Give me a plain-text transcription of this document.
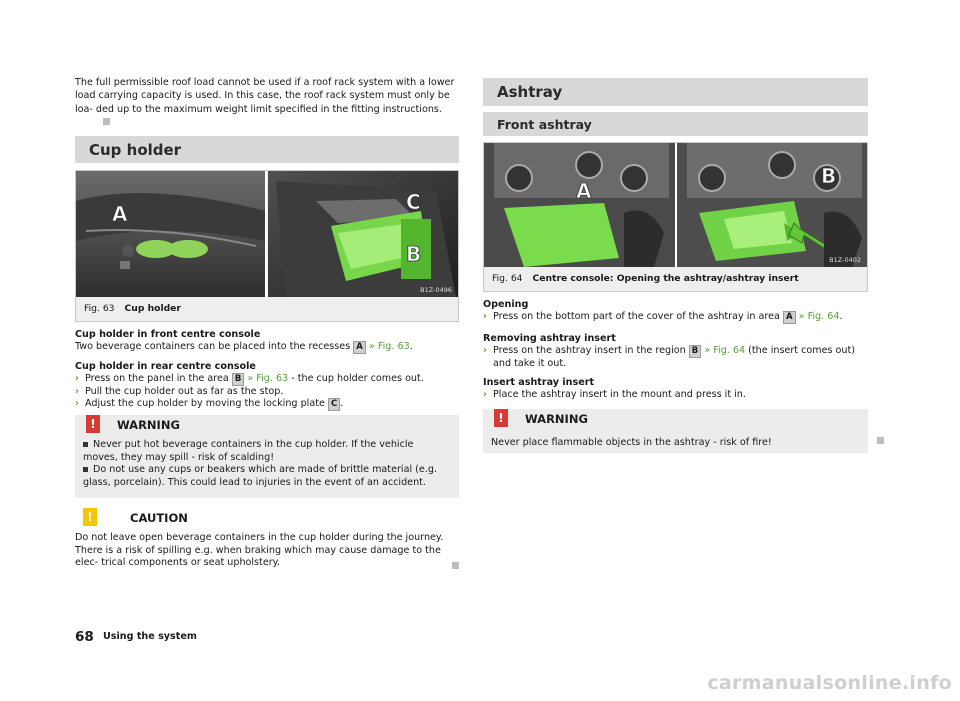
The full permissible roof load cannot be used if a roof rack system with a lower load carrying capacity is used. In this case, the roof rack system must only be loa- ded up to the maximum weight limit specified in the fitting instructions.
Cup holder
A	C
B
B1Z-0496
Fig. 63 Cup holder
Cup holder in front centre console
Two beverage containers can be placed into the recesses A » Fig. 63.
Cup holder in rear centre console
› Press on the panel in the area B » Fig. 63 - the cup holder comes out.
› Pull the cup holder out as far as the stop.
› Adjust the cup holder by moving the locking plate C .
!	WARNING
Never put hot beverage containers in the cup holder. If the vehicle moves, they may spill - risk of scalding!
Do not use any cups or beakers which are made of brittle material (e.g. glass, porcelain). This could lead to injuries in the event of an accident.
!	CAUTION
Do not leave open beverage containers in the cup holder during the journey. There is a risk of spilling e.g. when braking which may cause damage to the elec- trical components or seat upholstery.
Ashtray
Front ashtray
A
B
B1Z-0402
Fig. 64 Centre console: Opening the ashtray/ashtray insert
Opening
› Press on the bottom part of the cover of the ashtray in area A » Fig. 64.
Removing ashtray insert
› Press on the ashtray insert in the region B » Fig. 64 (the insert comes out) and take it out.
Insert ashtray insert
› Place the ashtray insert in the mount and press it in.
!	WARNING
Never place flammable objects in the ashtray - risk of fire!
68 Using the system
carmanualsonline.info
